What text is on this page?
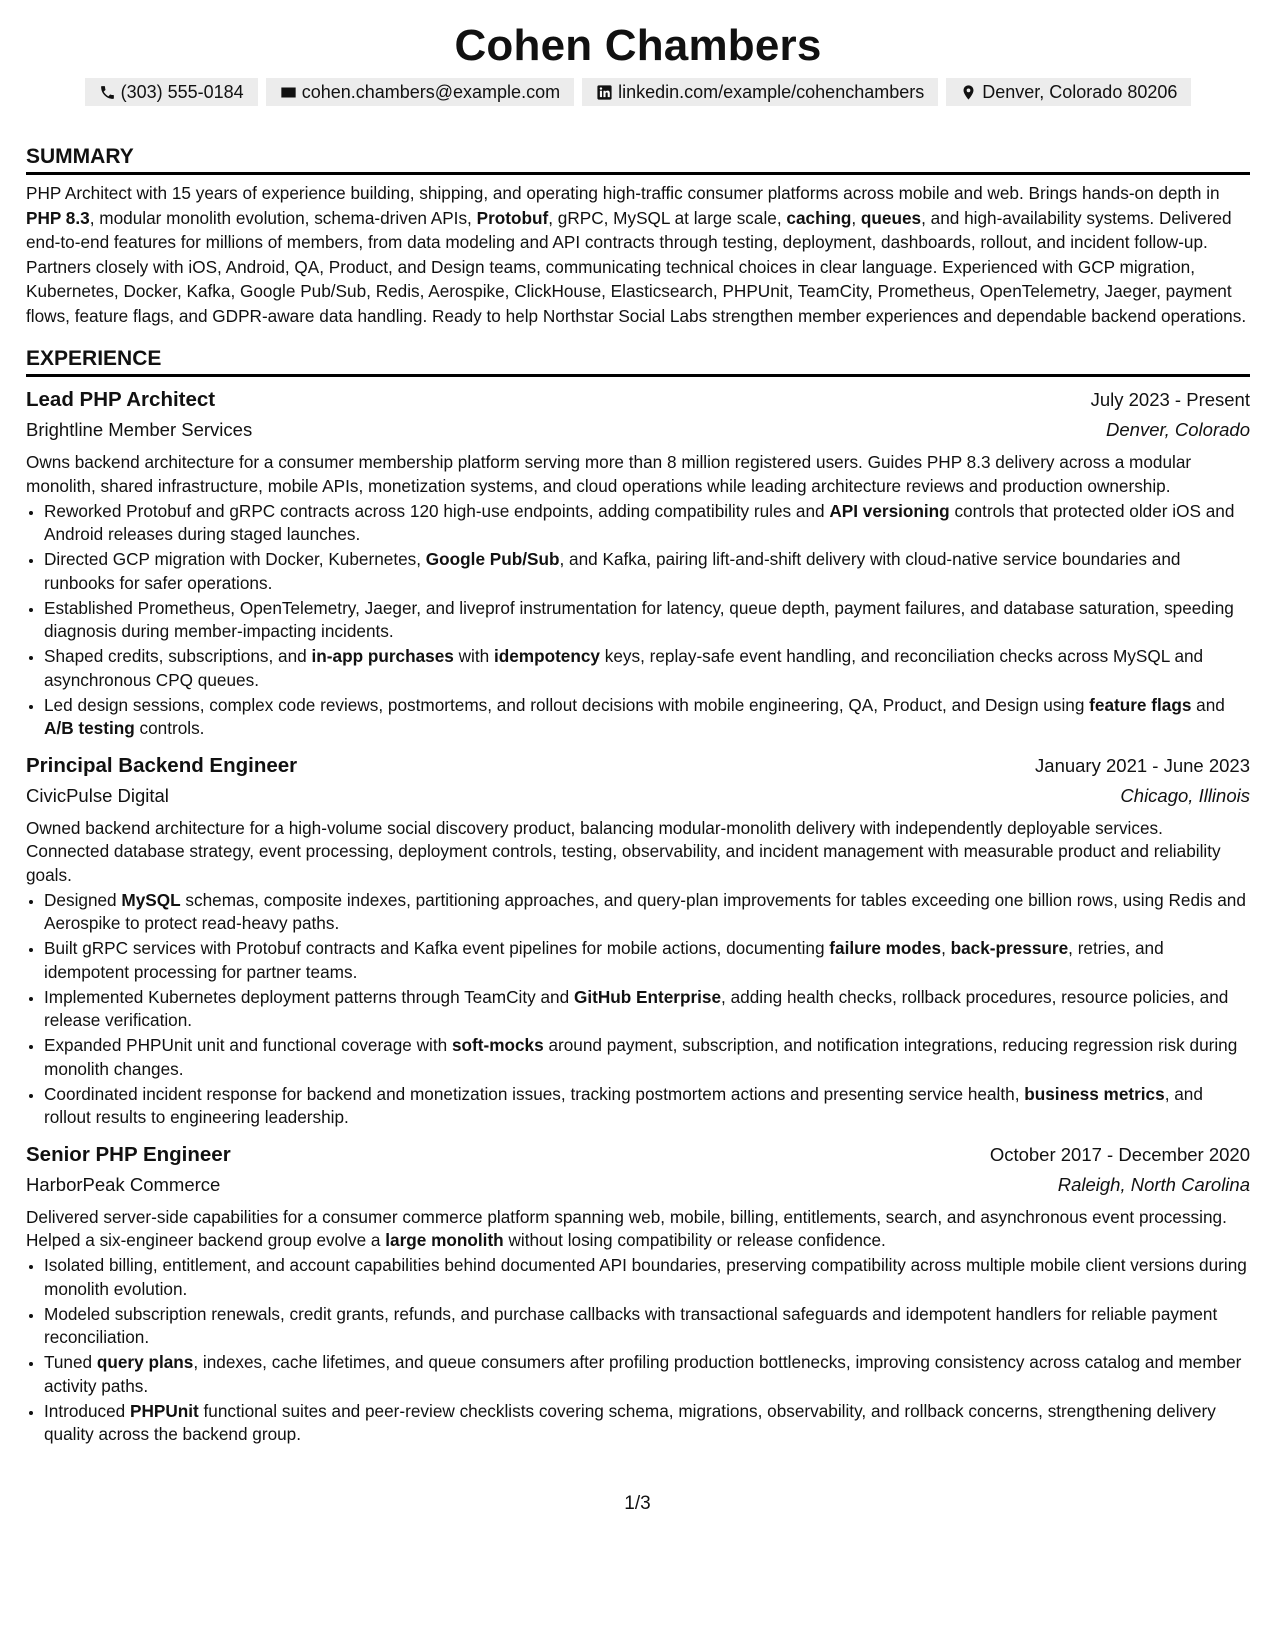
Cohen Chambers
(303) 555-0184	cohen.chambers@example.com	linkedin.com/example/cohenchambers	Denver, Colorado 80206
SUMMARY

PHP Architect with 15 years of experience building, shipping, and operating high-traffic consumer platforms across mobile and web. Brings hands-on depth in PHP 8.3, modular monolith evolution, schema-driven APIs, Protobuf, gRPC, MySQL at large scale, caching, queues, and high-availability systems. Delivered end-to-end features for millions of members, from data modeling and API contracts through testing, deployment, dashboards, rollout, and incident follow-up. Partners closely with iOS, Android, QA, Product, and Design teams, communicating technical choices in clear language. Experienced with GCP migration, Kubernetes, Docker, Kafka, Google Pub/Sub, Redis, Aerospike, ClickHouse, Elasticsearch, PHPUnit, TeamCity, Prometheus, OpenTelemetry, Jaeger, payment flows, feature flags, and GDPR-aware data handling. Ready to help Northstar Social Labs strengthen member experiences and dependable backend operations.

EXPERIENCE
Lead PHP Architect	July 2023 - Present
Brightline Member Services	Denver, Colorado

Owns backend architecture for a consumer membership platform serving more than 8 million registered users. Guides PHP 8.3 delivery across a modular monolith, shared infrastructure, mobile APIs, monetization systems, and cloud operations while leading architecture reviews and production ownership.

• Reworked Protobuf and gRPC contracts across 120 high-use endpoints, adding compatibility rules and API versioning controls that protected older iOS and Android releases during staged launches.
• Directed GCP migration with Docker, Kubernetes, Google Pub/Sub, and Kafka, pairing lift-and-shift delivery with cloud-native service boundaries and runbooks for safer operations.
• Established Prometheus, OpenTelemetry, Jaeger, and liveprof instrumentation for latency, queue depth, payment failures, and database saturation, speeding diagnosis during member-impacting incidents.
• Shaped credits, subscriptions, and in-app purchases with idempotency keys, replay-safe event handling, and reconciliation checks across MySQL and asynchronous CPQ queues.
• Led design sessions, complex code reviews, postmortems, and rollout decisions with mobile engineering, QA, Product, and Design using feature flags and A/B testing controls.
Principal Backend Engineer	January 2021 - June 2023
CivicPulse Digital	Chicago, Illinois

Owned backend architecture for a high-volume social discovery product, balancing modular-monolith delivery with independently deployable services. Connected database strategy, event processing, deployment controls, testing, observability, and incident management with measurable product and reliability goals.

• Designed MySQL schemas, composite indexes, partitioning approaches, and query-plan improvements for tables exceeding one billion rows, using Redis and Aerospike to protect read-heavy paths.
• Built gRPC services with Protobuf contracts and Kafka event pipelines for mobile actions, documenting failure modes, back-pressure, retries, and idempotent processing for partner teams.
• Implemented Kubernetes deployment patterns through TeamCity and GitHub Enterprise, adding health checks, rollback procedures, resource policies, and release verification.
• Expanded PHPUnit unit and functional coverage with soft-mocks around payment, subscription, and notification integrations, reducing regression risk during monolith changes.
• Coordinated incident response for backend and monetization issues, tracking postmortem actions and presenting service health, business metrics, and rollout results to engineering leadership.
Senior PHP Engineer	October 2017 - December 2020
HarborPeak Commerce	Raleigh, North Carolina

Delivered server-side capabilities for a consumer commerce platform spanning web, mobile, billing, entitlements, search, and asynchronous event processing. Helped a six-engineer backend group evolve a large monolith without losing compatibility or release confidence.

• Isolated billing, entitlement, and account capabilities behind documented API boundaries, preserving compatibility across multiple mobile client versions during monolith evolution.
• Modeled subscription renewals, credit grants, refunds, and purchase callbacks with transactional safeguards and idempotent handlers for reliable payment reconciliation.
• Tuned query plans, indexes, cache lifetimes, and queue consumers after profiling production bottlenecks, improving consistency across catalog and member activity paths.
• Introduced PHPUnit functional suites and peer-review checklists covering schema, migrations, observability, and rollback concerns, strengthening delivery quality across the backend group.
1/3
